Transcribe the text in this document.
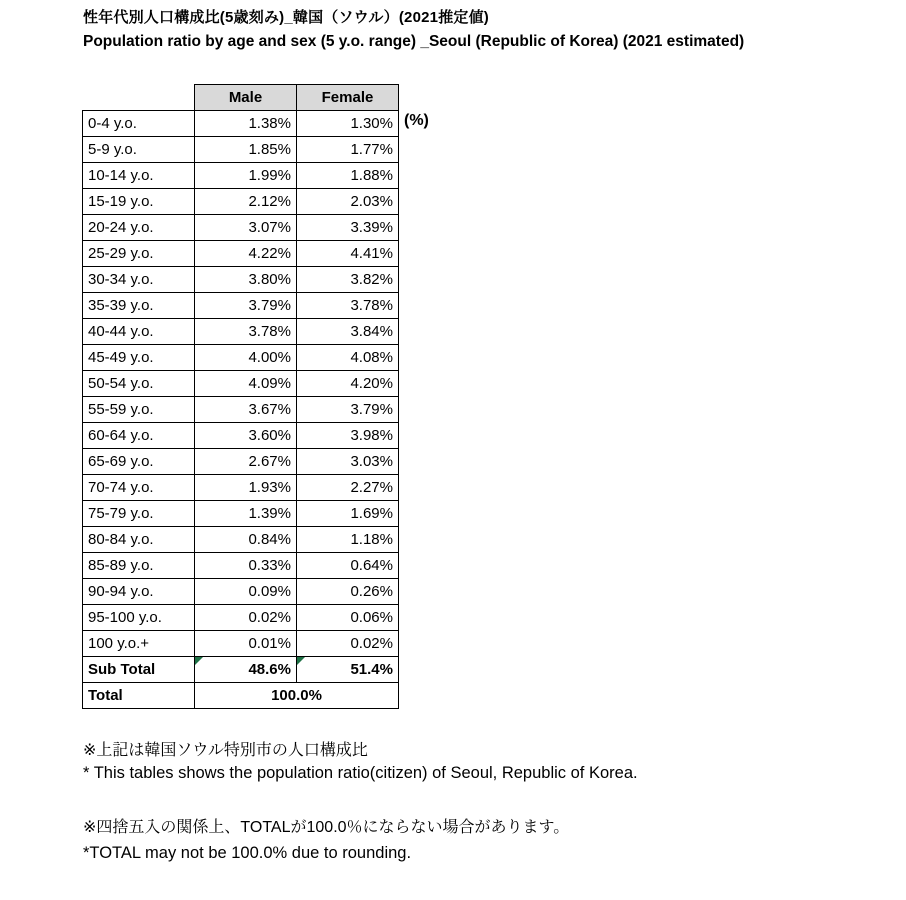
性年代別人口構成比(5歳刻み)_韓国（ソウル）(2021推定値)
Population ratio by age and sex (5 y.o. range) _Seoul (Republic of Korea) (2021 estimated)
	Male	Female
0-4 y.o.	1.38%	1.30%
5-9 y.o.	1.85%	1.77%
10-14 y.o.	1.99%	1.88%
15-19 y.o.	2.12%	2.03%
20-24 y.o.	3.07%	3.39%
25-29 y.o.	4.22%	4.41%
30-34 y.o.	3.80%	3.82%
35-39 y.o.	3.79%	3.78%
40-44 y.o.	3.78%	3.84%
45-49 y.o.	4.00%	4.08%
50-54 y.o.	4.09%	4.20%
55-59 y.o.	3.67%	3.79%
60-64 y.o.	3.60%	3.98%
65-69 y.o.	2.67%	3.03%
70-74 y.o.	1.93%	2.27%
75-79 y.o.	1.39%	1.69%
80-84 y.o.	0.84%	1.18%
85-89 y.o.	0.33%	0.64%
90-94 y.o.	0.09%	0.26%
95-100 y.o.	0.02%	0.06%
100 y.o.+	0.01%	0.02%
Sub Total	48.6%	51.4%
Total	100.0%	
(%)
※上記は韓国ソウル特別市の人口構成比
* This tables shows the population ratio(citizen) of Seoul, Republic of Korea.
※四捨五入の関係上、TOTALが100.0％にならない場合があります。
*TOTAL may not be 100.0% due to rounding.
